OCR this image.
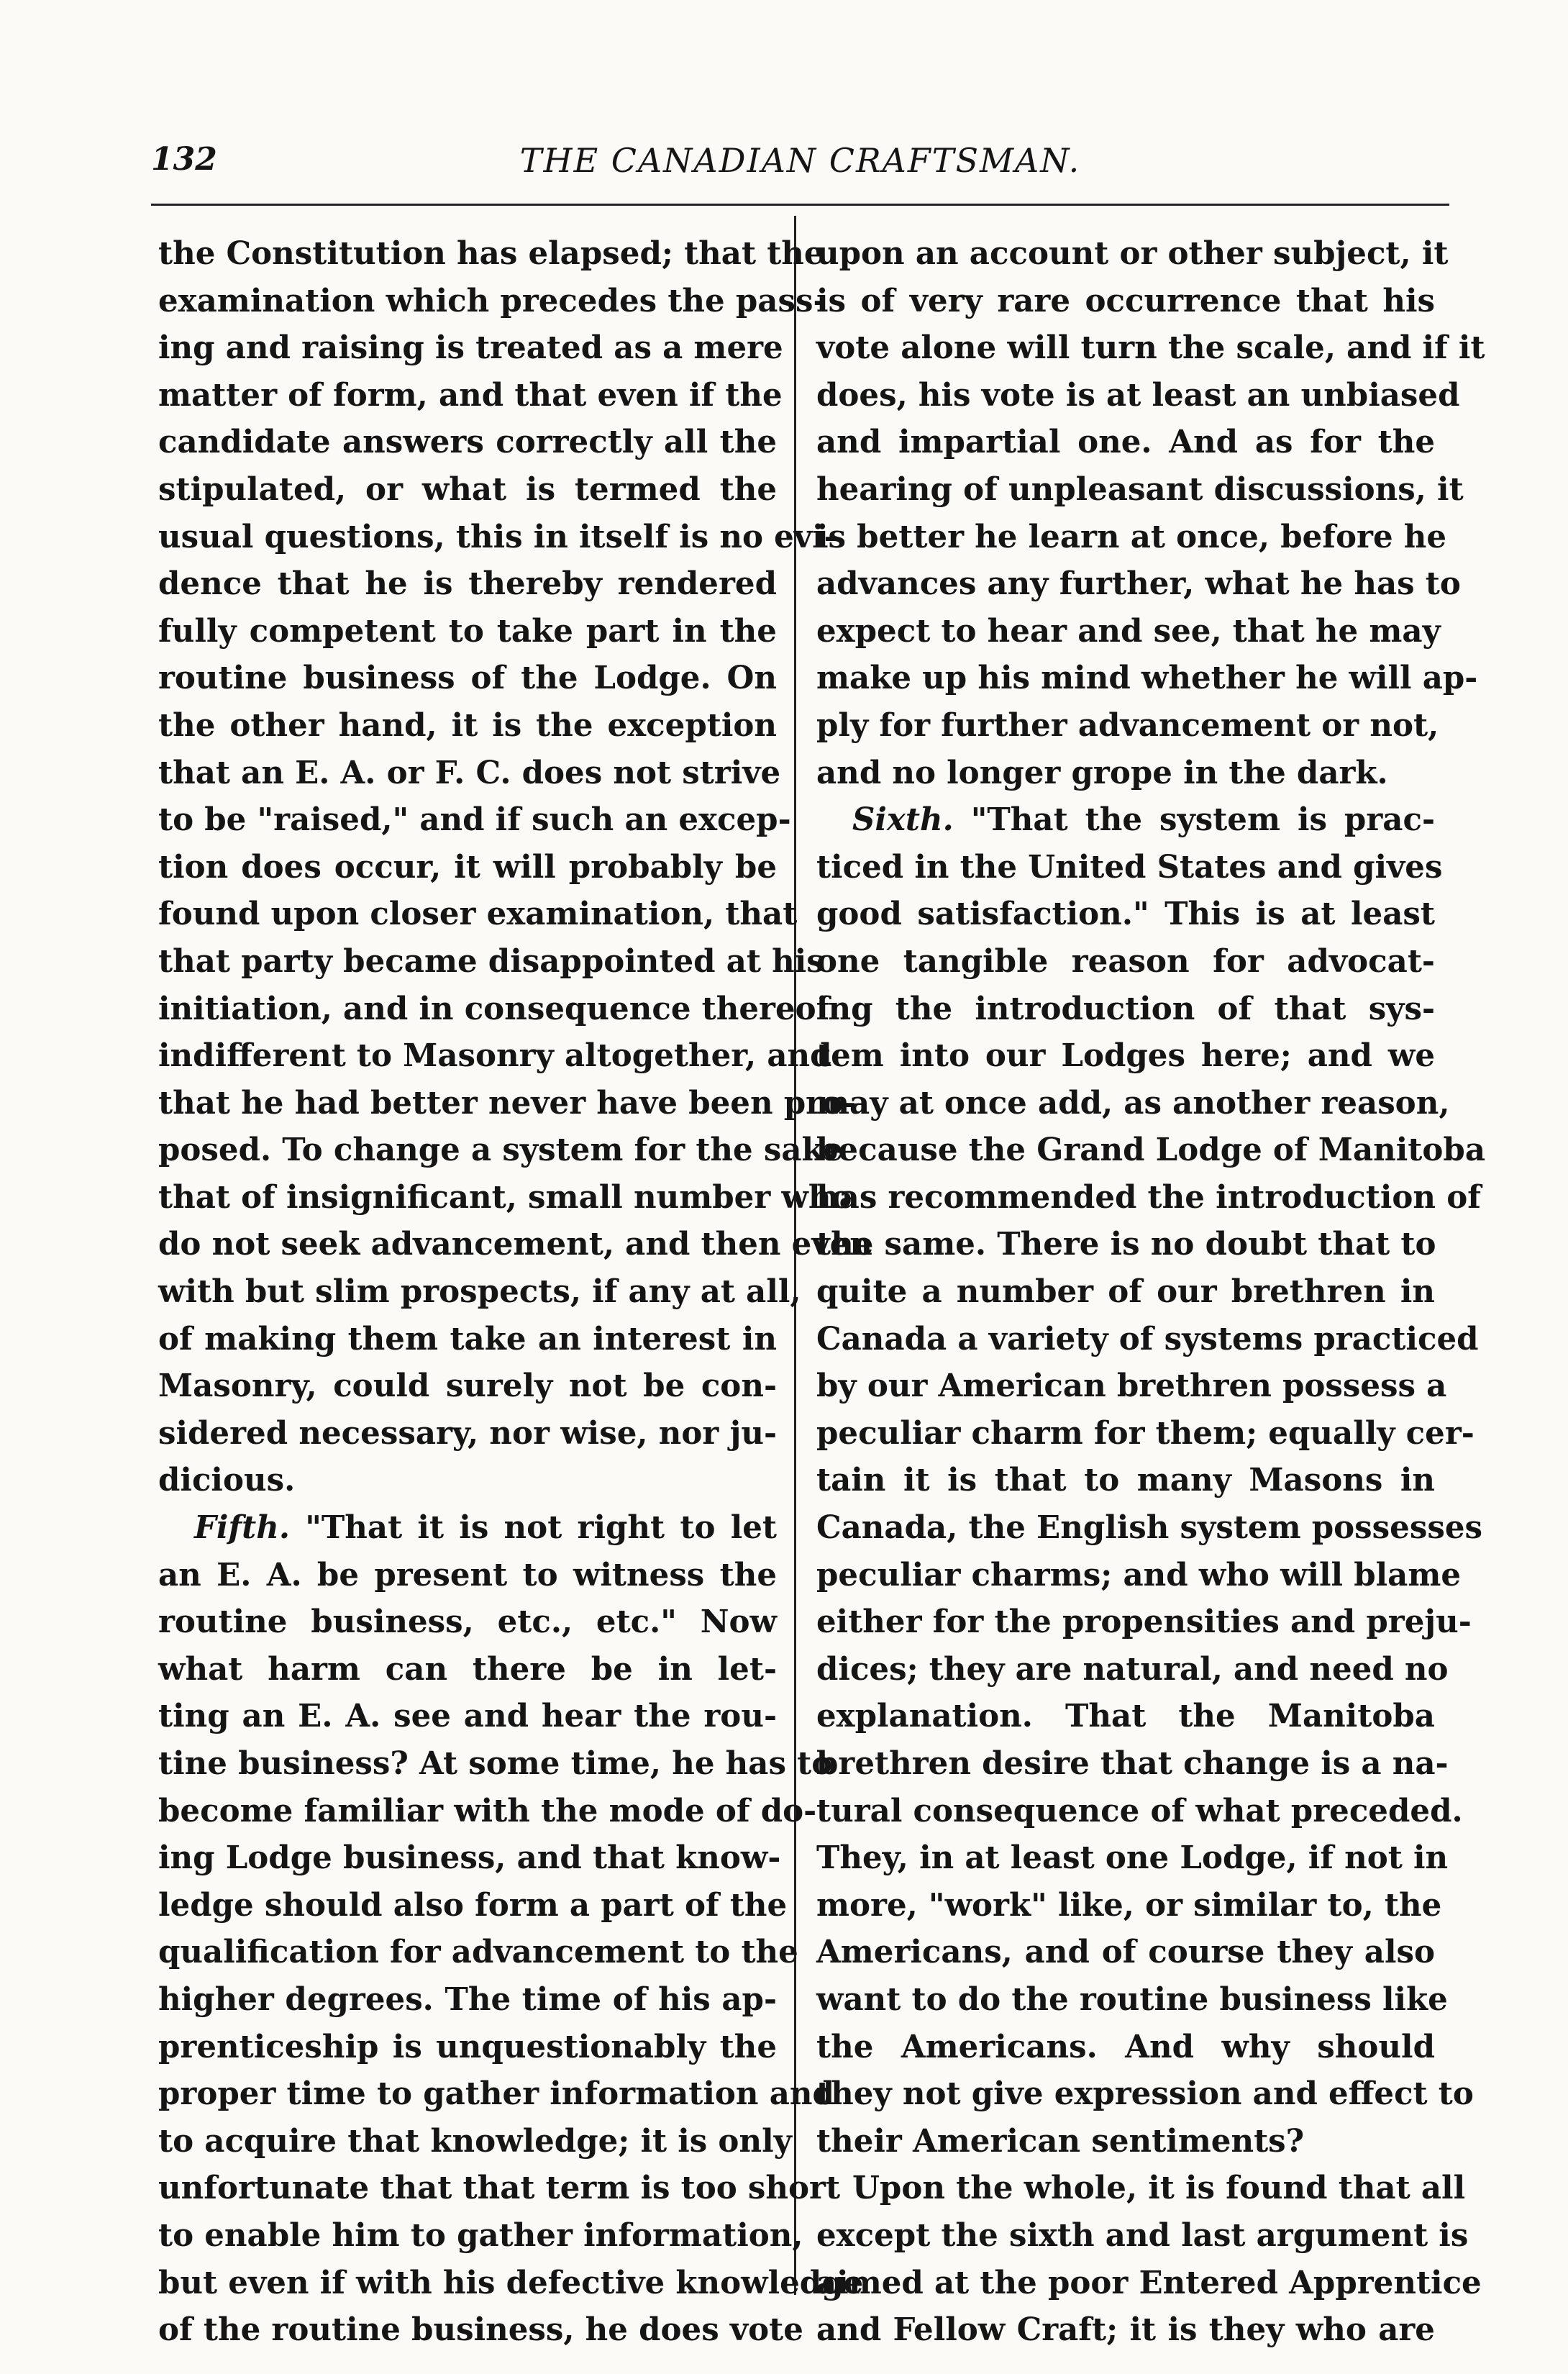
132	THE CANADIAN CRAFTSMAN.
the Constitution has elapsed; that the
examination which precedes the pass-
ing and raising is treated as a mere
matter of form, and that even if the
candidate answers correctly all the
stipulated, or what is termed the
usual questions, this in itself is no evi-
dence that he is thereby rendered
fully competent to take part in the
routine business of the Lodge. On
the other hand, it is the exception
that an E. A. or F. C. does not strive
to be "raised," and if such an excep-
tion does occur, it will probably be
found upon closer examination, that
that party became disappointed at his
initiation, and in consequence thereof
indifferent to Masonry altogether, and
that he had better never have been pro-
posed. To change a system for the sake
that of insignificant, small number who
do not seek advancement, and then even
with but slim prospects, if any at all,
of making them take an interest in
Masonry, could surely not be con-
sidered necessary, nor wise, nor ju-
dicious.
Fifth. "That it is not right to let
an E. A. be present to witness the
routine business, etc., etc." Now
what harm can there be in let-
ting an E. A. see and hear the rou-
tine business? At some time, he has to
become familiar with the mode of do-
ing Lodge business, and that know-
ledge should also form a part of the
qualification for advancement to the
higher degrees. The time of his ap-
prenticeship is unquestionably the
proper time to gather information and
to acquire that knowledge; it is only
unfortunate that that term is too short
to enable him to gather information,
but even if with his defective knowledge
of the routine business, he does vote
upon an account or other subject, it
is of very rare occurrence that his
vote alone will turn the scale, and if it
does, his vote is at least an unbiased
and impartial one. And as for the
hearing of unpleasant discussions, it
is better he learn at once, before he
advances any further, what he has to
expect to hear and see, that he may
make up his mind whether he will ap-
ply for further advancement or not,
and no longer grope in the dark.
Sixth. "That the system is prac-
ticed in the United States and gives
good satisfaction." This is at least
one tangible reason for advocat-
ing the introduction of that sys-
tem into our Lodges here; and we
may at once add, as another reason,
because the Grand Lodge of Manitoba
has recommended the introduction of
the same. There is no doubt that to
quite a number of our brethren in
Canada a variety of systems practiced
by our American brethren possess a
peculiar charm for them; equally cer-
tain it is that to many Masons in
Canada, the English system possesses
peculiar charms; and who will blame
either for the propensities and preju-
dices; they are natural, and need no
explanation. That the Manitoba
brethren desire that change is a na-
tural consequence of what preceded.
They, in at least one Lodge, if not in
more, "work" like, or similar to, the
Americans, and of course they also
want to do the routine business like
the Americans. And why should
they not give expression and effect to
their American sentiments?
Upon the whole, it is found that all
except the sixth and last argument is
aimed at the poor Entered Apprentice
and Fellow Craft; it is they who are
